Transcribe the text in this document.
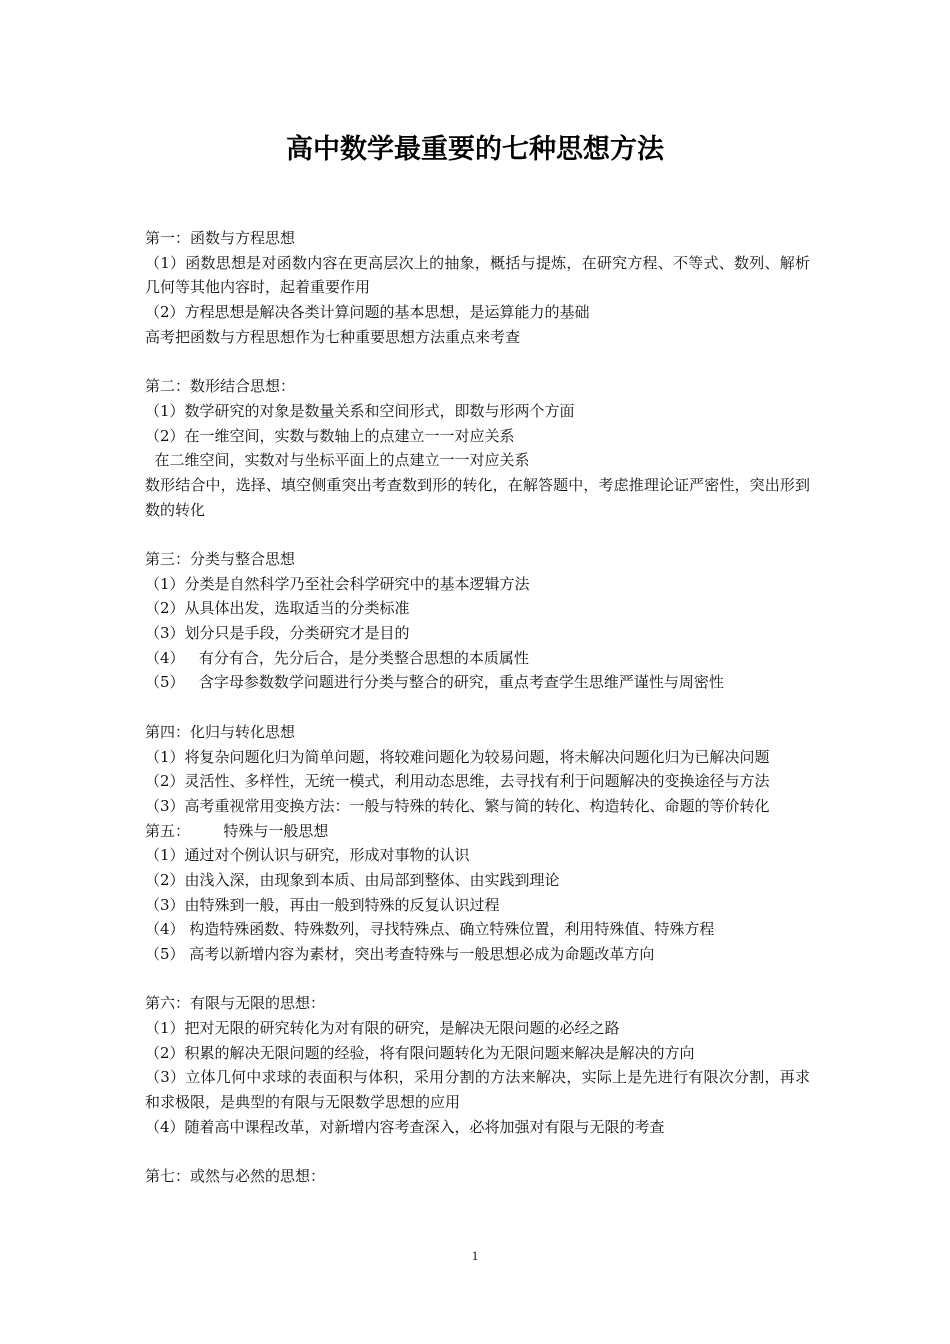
高中数学最重要的七种思想方法
第一：函数与方程思想
（1）函数思想是对函数内容在更高层次上的抽象，概括与提炼，在研究方程、不等式、数列、解析几何等其他内容时，起着重要作用
（2）方程思想是解决各类计算问题的基本思想，是运算能力的基础
高考把函数与方程思想作为七种重要思想方法重点来考查
第二：数形结合思想：
（1）数学研究的对象是数量关系和空间形式，即数与形两个方面
（2）在一维空间，实数与数轴上的点建立一一对应关系
在二维空间，实数对与坐标平面上的点建立一一对应关系
数形结合中，选择、填空侧重突出考查数到形的转化，在解答题中，考虑推理论证严密性，突出形到数的转化
第三：分类与整合思想
（1）分类是自然科学乃至社会科学研究中的基本逻辑方法
（2）从具体出发，选取适当的分类标准
（3）划分只是手段，分类研究才是目的
（4）   有分有合，先分后合，是分类整合思想的本质属性
（5）   含字母参数数学问题进行分类与整合的研究，重点考查学生思维严谨性与周密性
第四：化归与转化思想
（1）将复杂问题化归为简单问题，将较难问题化为较易问题，将未解决问题化归为已解决问题
（2）灵活性、多样性，无统一模式，利用动态思维，去寻找有利于问题解决的变换途径与方法
（3）高考重视常用变换方法：一般与特殊的转化、繁与简的转化、构造转化、命题的等价转化
第五：       特殊与一般思想
（1）通过对个例认识与研究，形成对事物的认识
（2）由浅入深，由现象到本质、由局部到整体、由实践到理论
（3）由特殊到一般，再由一般到特殊的反复认识过程
（4） 构造特殊函数、特殊数列，寻找特殊点、确立特殊位置，利用特殊值、特殊方程
（5） 高考以新增内容为素材，突出考查特殊与一般思想必成为命题改革方向
第六：有限与无限的思想：
（1）把对无限的研究转化为对有限的研究，是解决无限问题的必经之路
（2）积累的解决无限问题的经验，将有限问题转化为无限问题来解决是解决的方向
（3）立体几何中求球的表面积与体积，采用分割的方法来解决，实际上是先进行有限次分割，再求和求极限，是典型的有限与无限数学思想的应用
（4）随着高中课程改革，对新增内容考查深入，必将加强对有限与无限的考查
第七：或然与必然的思想：
1
